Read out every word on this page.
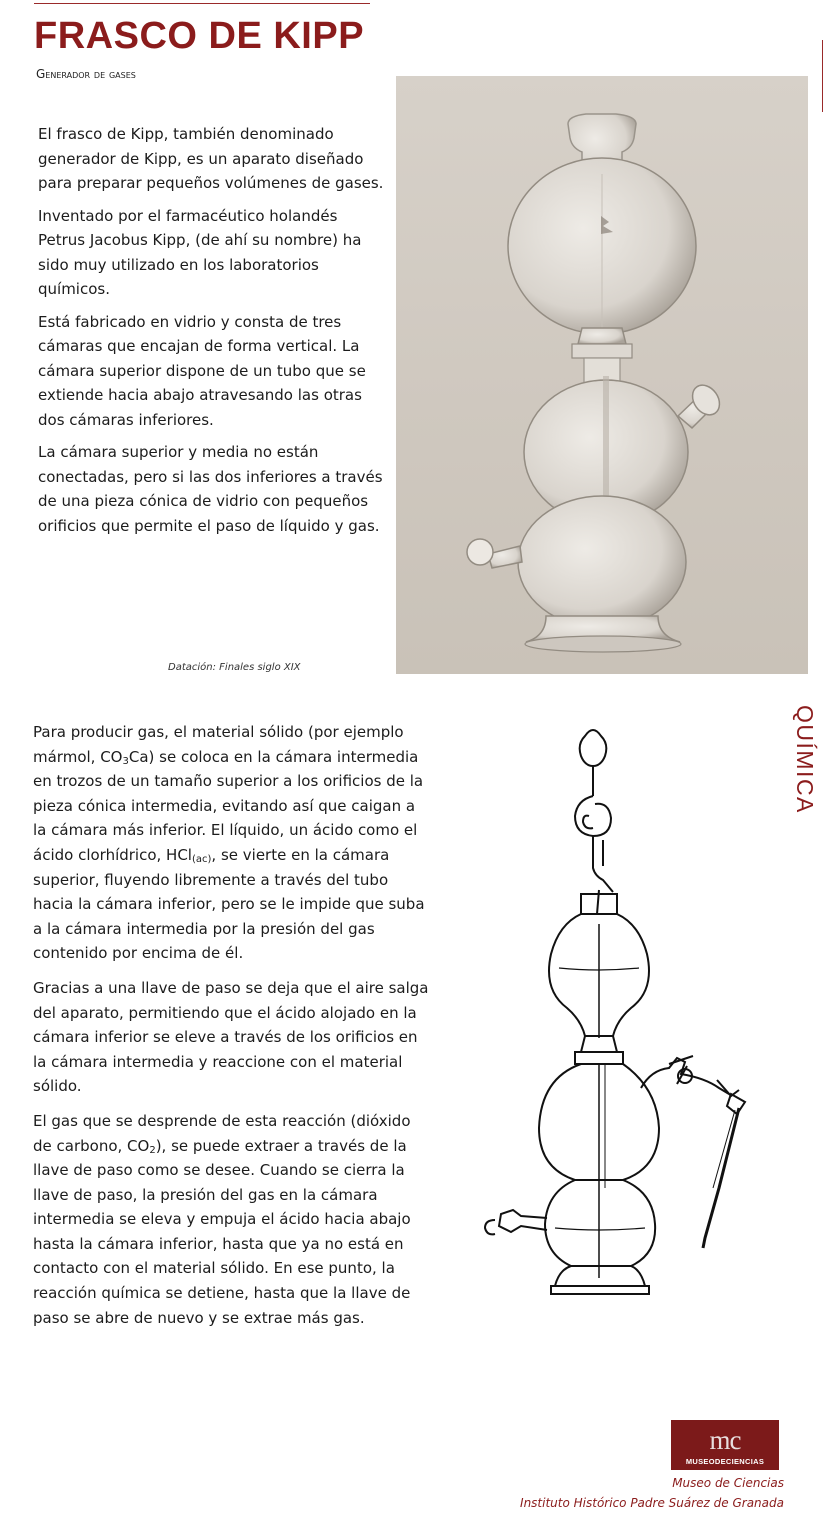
FRASCO DE KIPP
Generador de gases

El frasco de Kipp, también denominado generador de Kipp, es un aparato diseñado para preparar pequeños volúmenes de gases.

Inventado por el farmacéutico holandés Petrus Jacobus Kipp, (de ahí su nombre) ha sido muy utilizado en los laboratorios químicos.

Está fabricado en vidrio y consta de tres cámaras que encajan de forma vertical. La cámara superior dispone de un tubo que se extiende hacia abajo atravesando las otras dos cámaras inferiores.

La cámara superior y media no están conectadas, pero si las dos inferiores a través de una pieza cónica de vidrio con pequeños orificios que permite el paso de líquido y gas.

Datación: Finales siglo XIX
QUÍMICA

Para producir gas, el material sólido (por ejemplo mármol, $CO_3Ca$) se coloca en la cámara intermedia en trozos de un tamaño superior a los orificios de la pieza cónica intermedia, evitando así que caigan a la cámara más inferior. El líquido, un ácido como el ácido clorhídrico, HCl$_{(ac)}$, se vierte en la cámara superior, fluyendo libremente a través del tubo hacia la cámara inferior, pero se le impide que suba a la cámara intermedia por la presión del gas contenido por encima de él.

Gracias a una llave de paso se deja que el aire salga del aparato, permitiendo que el ácido alojado en la cámara inferior se eleve a través de los orificios en la cámara intermedia y reaccione con el material sólido.

El gas que se desprende de esta reacción (dióxido de carbono, $CO_2$), se puede extraer a través de la llave de paso como se desee. Cuando se cierra la llave de paso, la presión del gas en la cámara intermedia se eleva y empuja el ácido hacia abajo hasta la cámara inferior, hasta que ya no está en contacto con el material sólido. En ese punto, la reacción química se detiene, hasta que la llave de paso se abre de nuevo y se extrae más gas.

mc
MUSEODECIENCIAS
Museo de Ciencias
Instituto Histórico Padre Suárez de Granada
